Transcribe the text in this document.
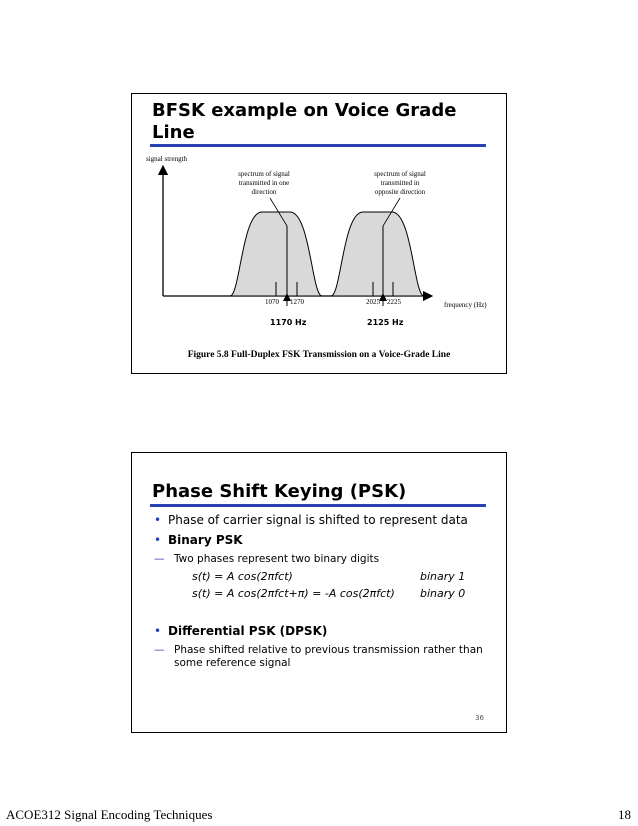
BFSK example on Voice Grade Line
signal strength
frequency (Hz)
1070 1270	2025 2225
1170 Hz	2125 Hz
spectrum of signal
transmitted in one
direction
spectrum of signal
transmitted in
opposite direction
Figure 5.8 Full-Duplex FSK Transmission on a Voice-Grade Line
Phase Shift Keying (PSK)
• Phase of carrier signal is shifted to represent data
• Binary PSK
— Two phases represent two binary digits
s(t) = A cos(2πfᴄt)	binary 1
s(t) = A cos(2πfᴄt+π) = -A cos(2πfᴄt) binary 0
• Differential PSK (DPSK)
— Phase shifted relative to previous transmission rather than some reference signal
36
ACOE312 Signal Encoding Techniques	18
